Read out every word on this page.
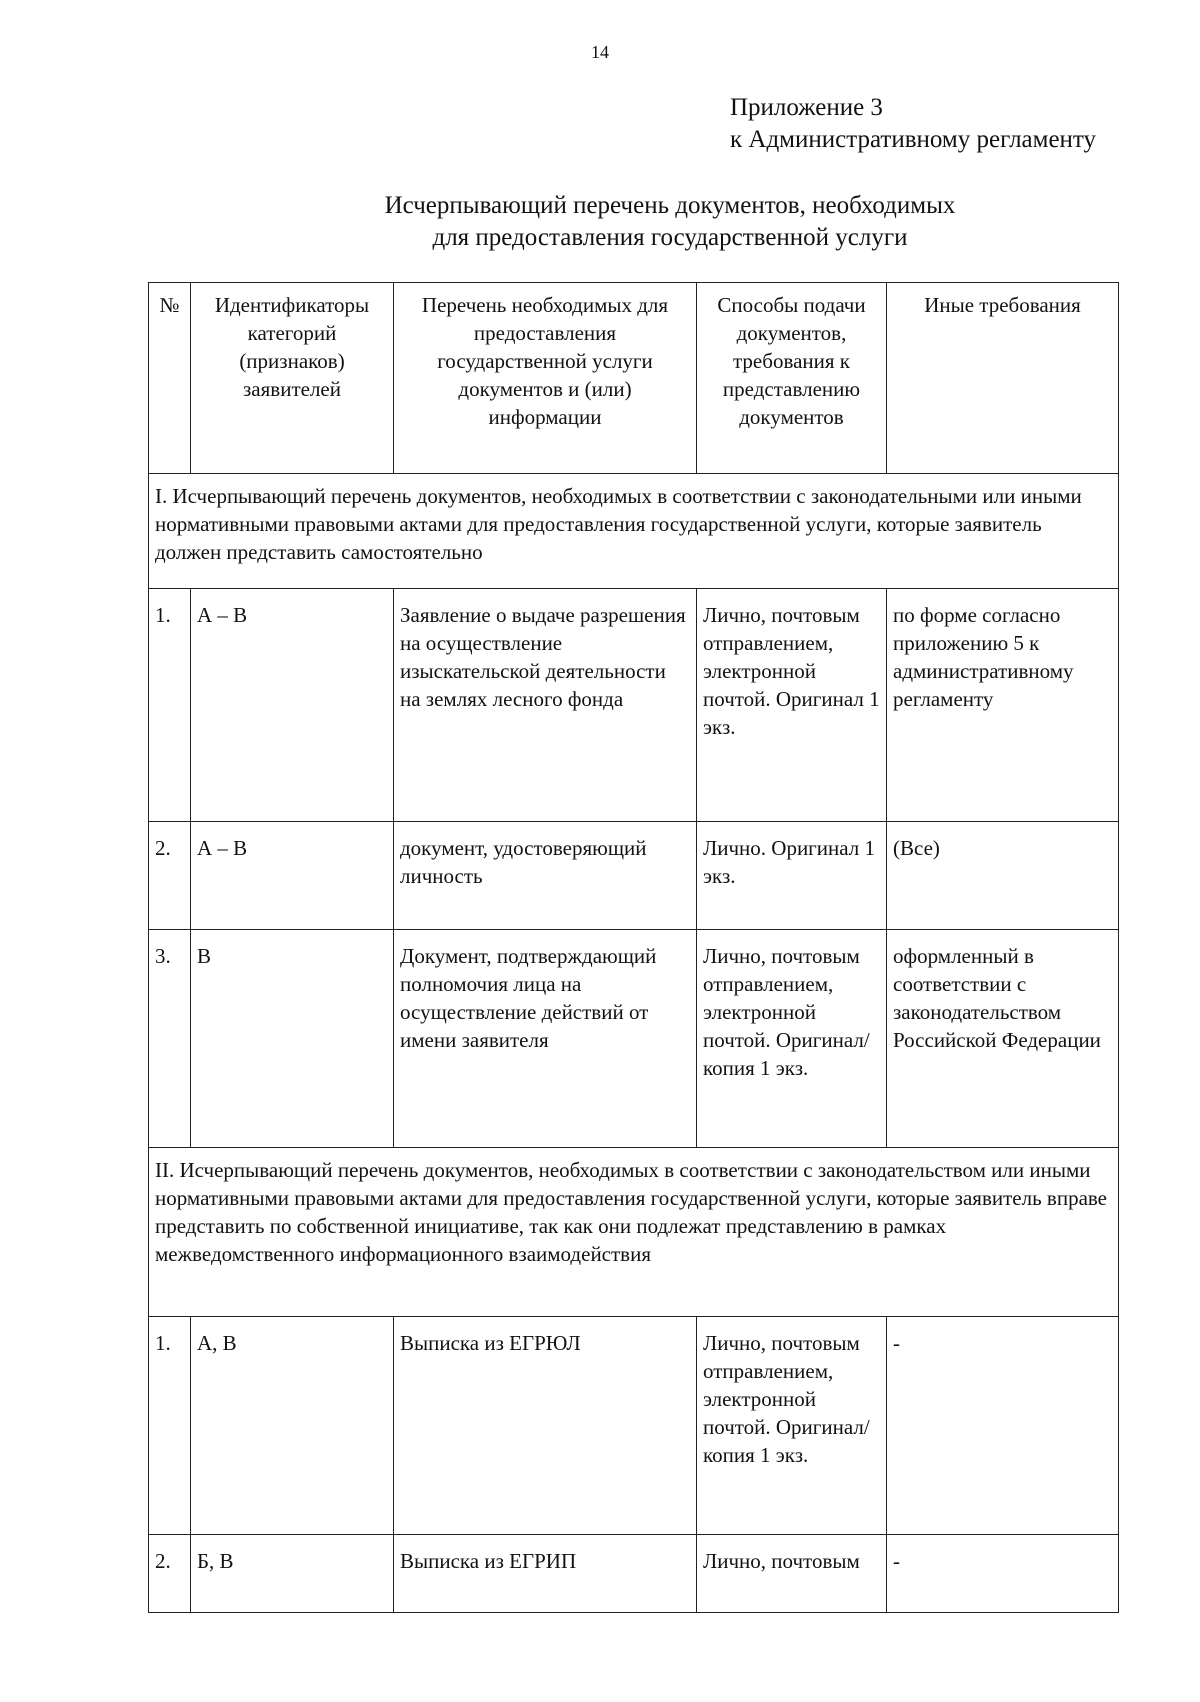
14
Приложение 3
к Административному регламенту
Исчерпывающий перечень документов, необходимых
для предоставления государственной услуги
№	Идентификаторы категорий (признаков) заявителей	Перечень необходимых для предоставления государственной услуги документов и (или) информации	Способы подачи документов, требования к представлению документов	Иные требования
I. Исчерпывающий перечень документов, необходимых в соответствии с законодательными или иными нормативными правовыми актами для предоставления государственной услуги, которые заявитель должен представить самостоятельно				
1.	А – В	Заявление о выдаче разрешения на осуществление изыскательской деятельности на землях лесного фонда	Лично, почтовым отправлением, электронной почтой. Оригинал 1 экз.	по форме согласно приложению 5 к административному регламенту
2.	А – В	документ, удостоверяющий личность	Лично. Оригинал 1 экз.	(Все)
3.	В	Документ, подтверждающий полномочия лица на осуществление действий от имени заявителя	Лично, почтовым отправлением, электронной почтой. Оригинал/копия 1 экз.	оформленный в соответствии с законодательством Российской Федерации
II. Исчерпывающий перечень документов, необходимых в соответствии с законодательством или иными нормативными правовыми актами для предоставления государственной услуги, которые заявитель вправе представить по собственной инициативе, так как они подлежат представлению в рамках межведомственного информационного взаимодействия				
1.	А, В	Выписка из ЕГРЮЛ	Лично, почтовым отправлением, электронной почтой. Оригинал/копия 1 экз.	-
2.	Б, В	Выписка из ЕГРИП	Лично, почтовым	-
